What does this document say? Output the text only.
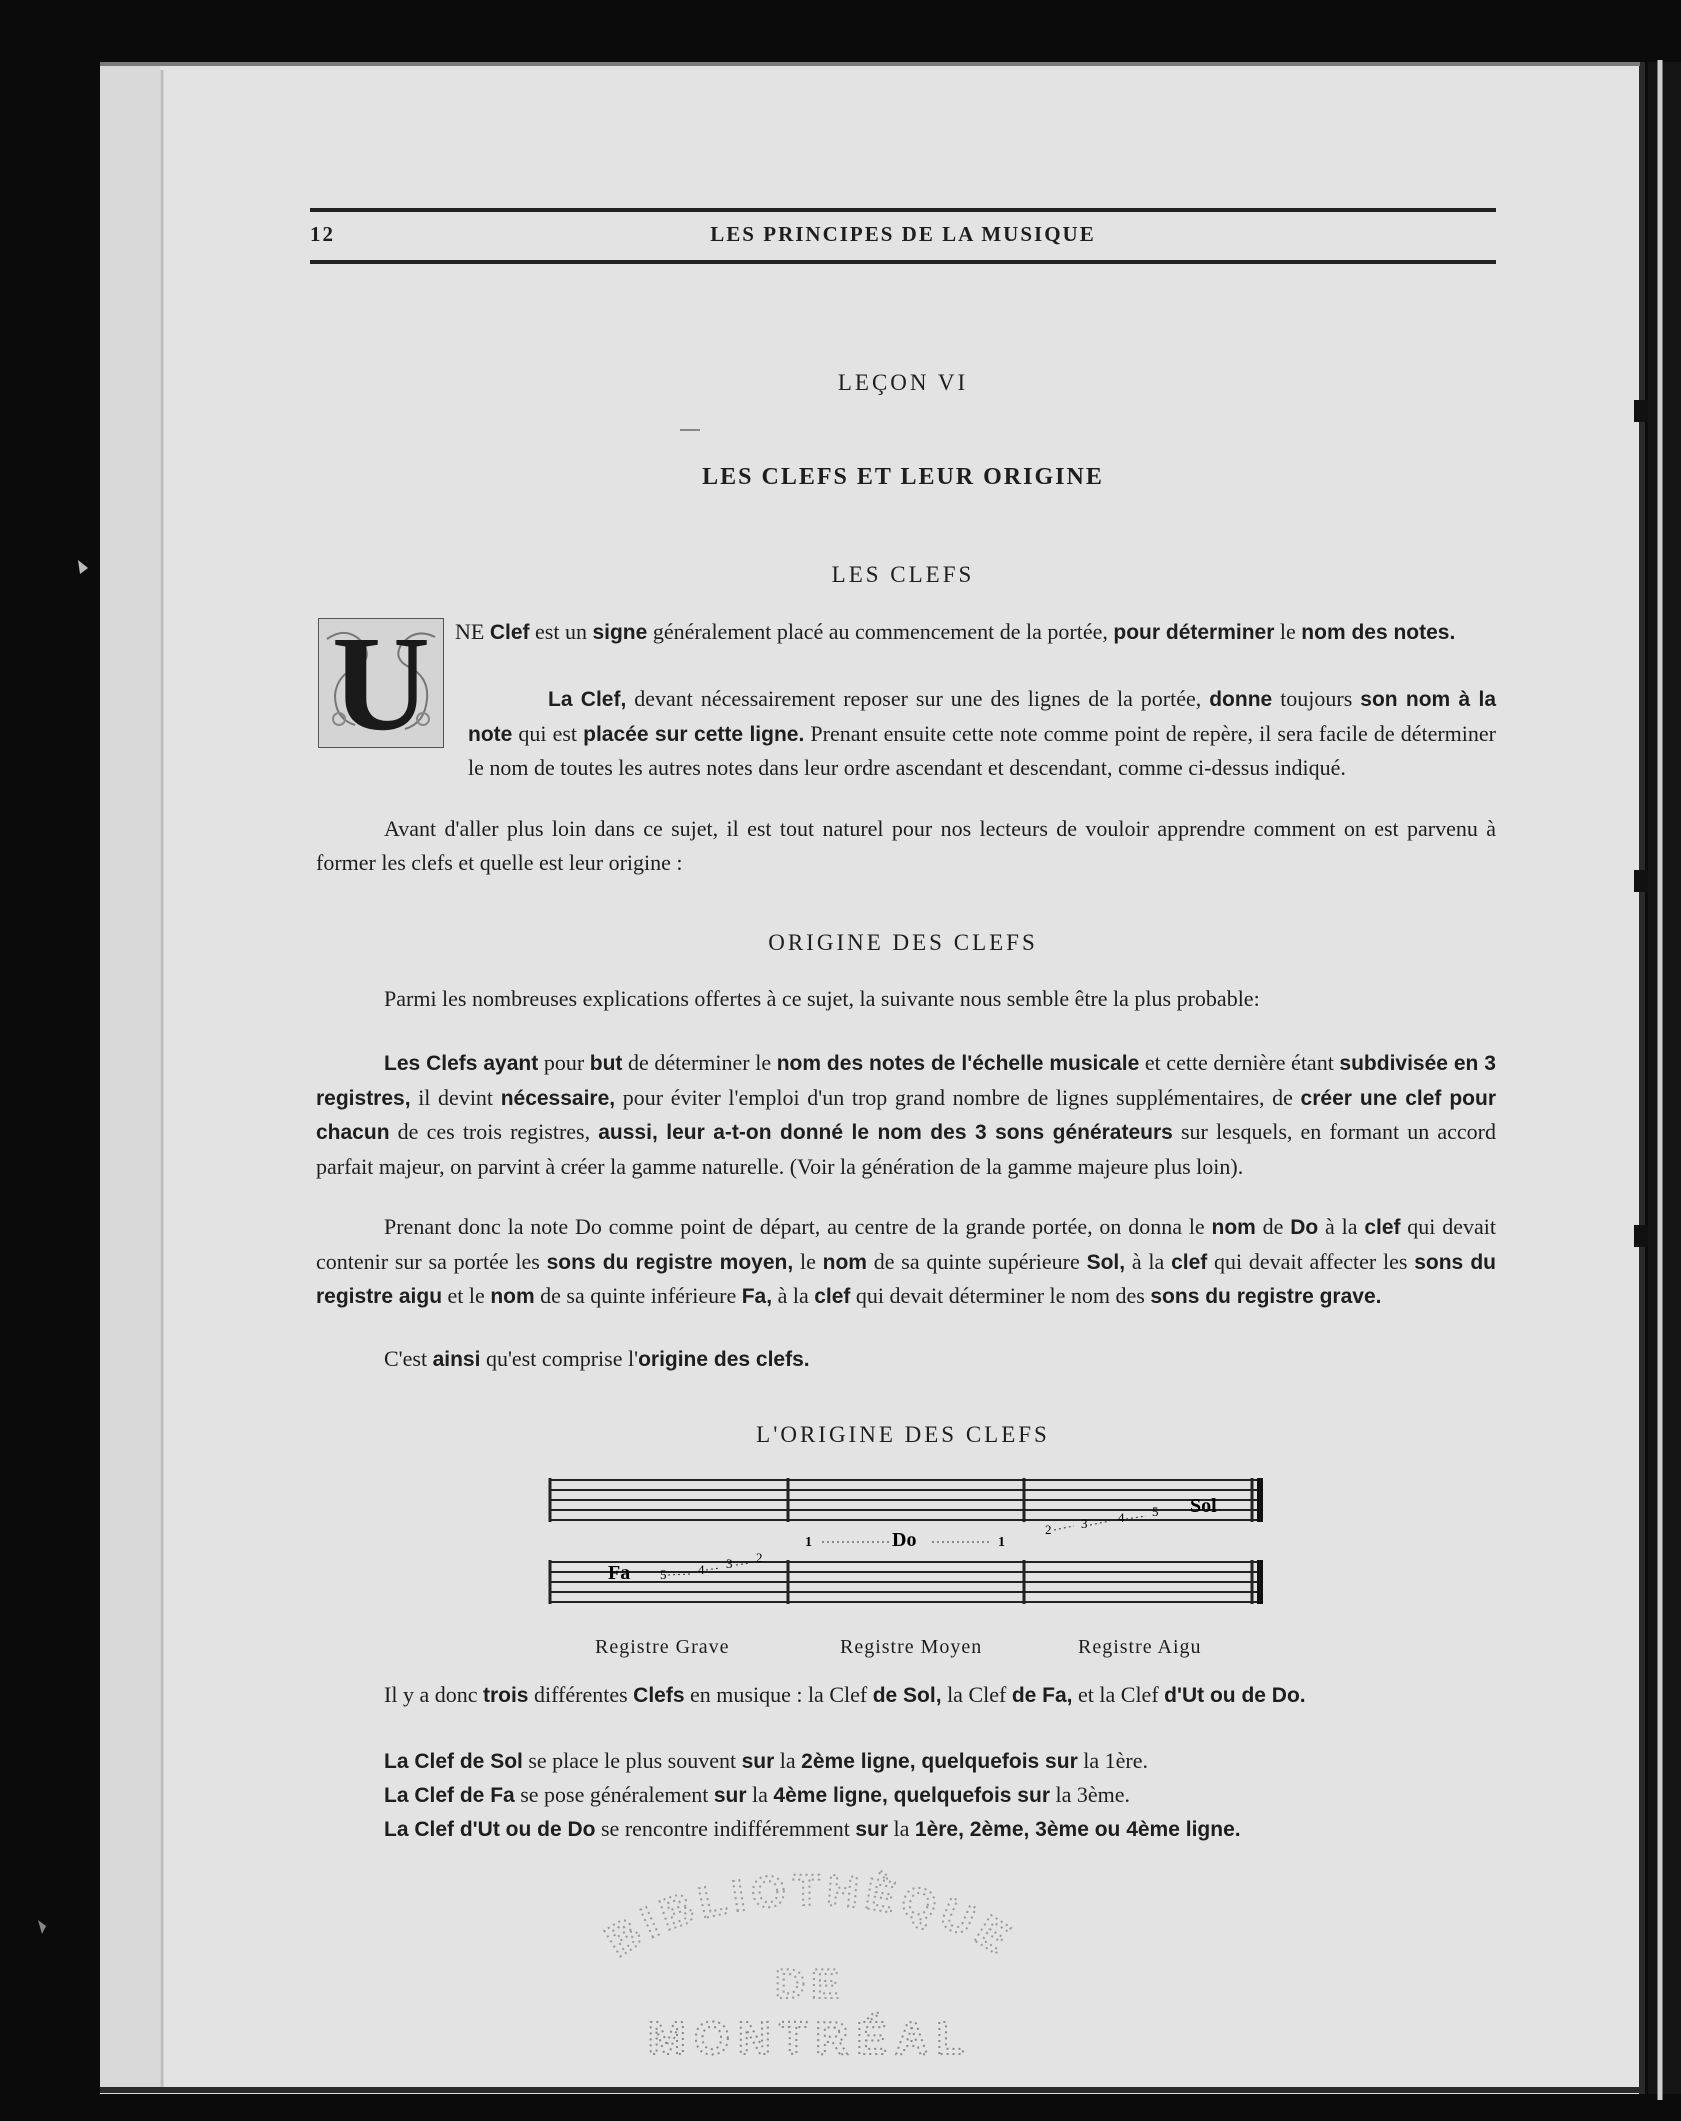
12	LES PRINCIPES DE LA MUSIQUE
LEÇON VI
LES CLEFS ET LEUR ORIGINE
LES CLEFS
U	NE Clef est un signe généralement placé au commencement de la portée, pour déterminer le nom des notes.
La Clef, devant nécessairement reposer sur une des lignes de la portée, donne toujours son nom à la note qui est placée sur cette ligne. Prenant ensuite cette note comme point de repère, il sera facile de déterminer le nom de toutes les autres notes dans leur ordre ascendant et descendant, comme ci-dessus indiqué.
Avant d'aller plus loin dans ce sujet, il est tout naturel pour nos lecteurs de vouloir apprendre comment on est parvenu à former les clefs et quelle est leur origine :
ORIGINE DES CLEFS
Parmi les nombreuses explications offertes à ce sujet, la suivante nous semble être la plus probable:
Les Clefs ayant pour but de déterminer le nom des notes de l'échelle musicale et cette dernière étant subdivisée en 3 registres, il devint nécessaire, pour éviter l'emploi d'un trop grand nombre de lignes supplémentaires, de créer une clef pour chacun de ces trois registres, aussi, leur a-t-on donné le nom des 3 sons générateurs sur lesquels, en formant un accord parfait majeur, on parvint à créer la gamme naturelle. (Voir la génération de la gamme majeure plus loin).
Prenant donc la note Do comme point de départ, au centre de la grande portée, on donna le nom de Do à la clef qui devait contenir sur sa portée les sons du registre moyen, le nom de sa quinte supérieure Sol, à la clef qui devait affecter les sons du registre aigu et le nom de sa quinte inférieure Fa, à la clef qui devait déterminer le nom des sons du registre grave.
C'est ainsi qu'est comprise l'origine des clefs.
L'ORIGINE DES CLEFS
Fa 5 4 3 2
1	Do	1
2 3 4 5 Sol
Registre Grave	Registre Moyen	Registre Aigu
Il y a donc trois différentes Clefs en musique : la Clef de Sol, la Clef de Fa, et la Clef d'Ut ou de Do.
La Clef de Sol se place le plus souvent sur la 2ème ligne, quelquefois sur la 1ère.
La Clef de Fa se pose généralement sur la 4ème ligne, quelquefois sur la 3ème.
La Clef d'Ut ou de Do se rencontre indifféremment sur la 1ère, 2ème, 3ème ou 4ème ligne.
BIBLIOTHÈQUE
DE
MONTRÉAL
